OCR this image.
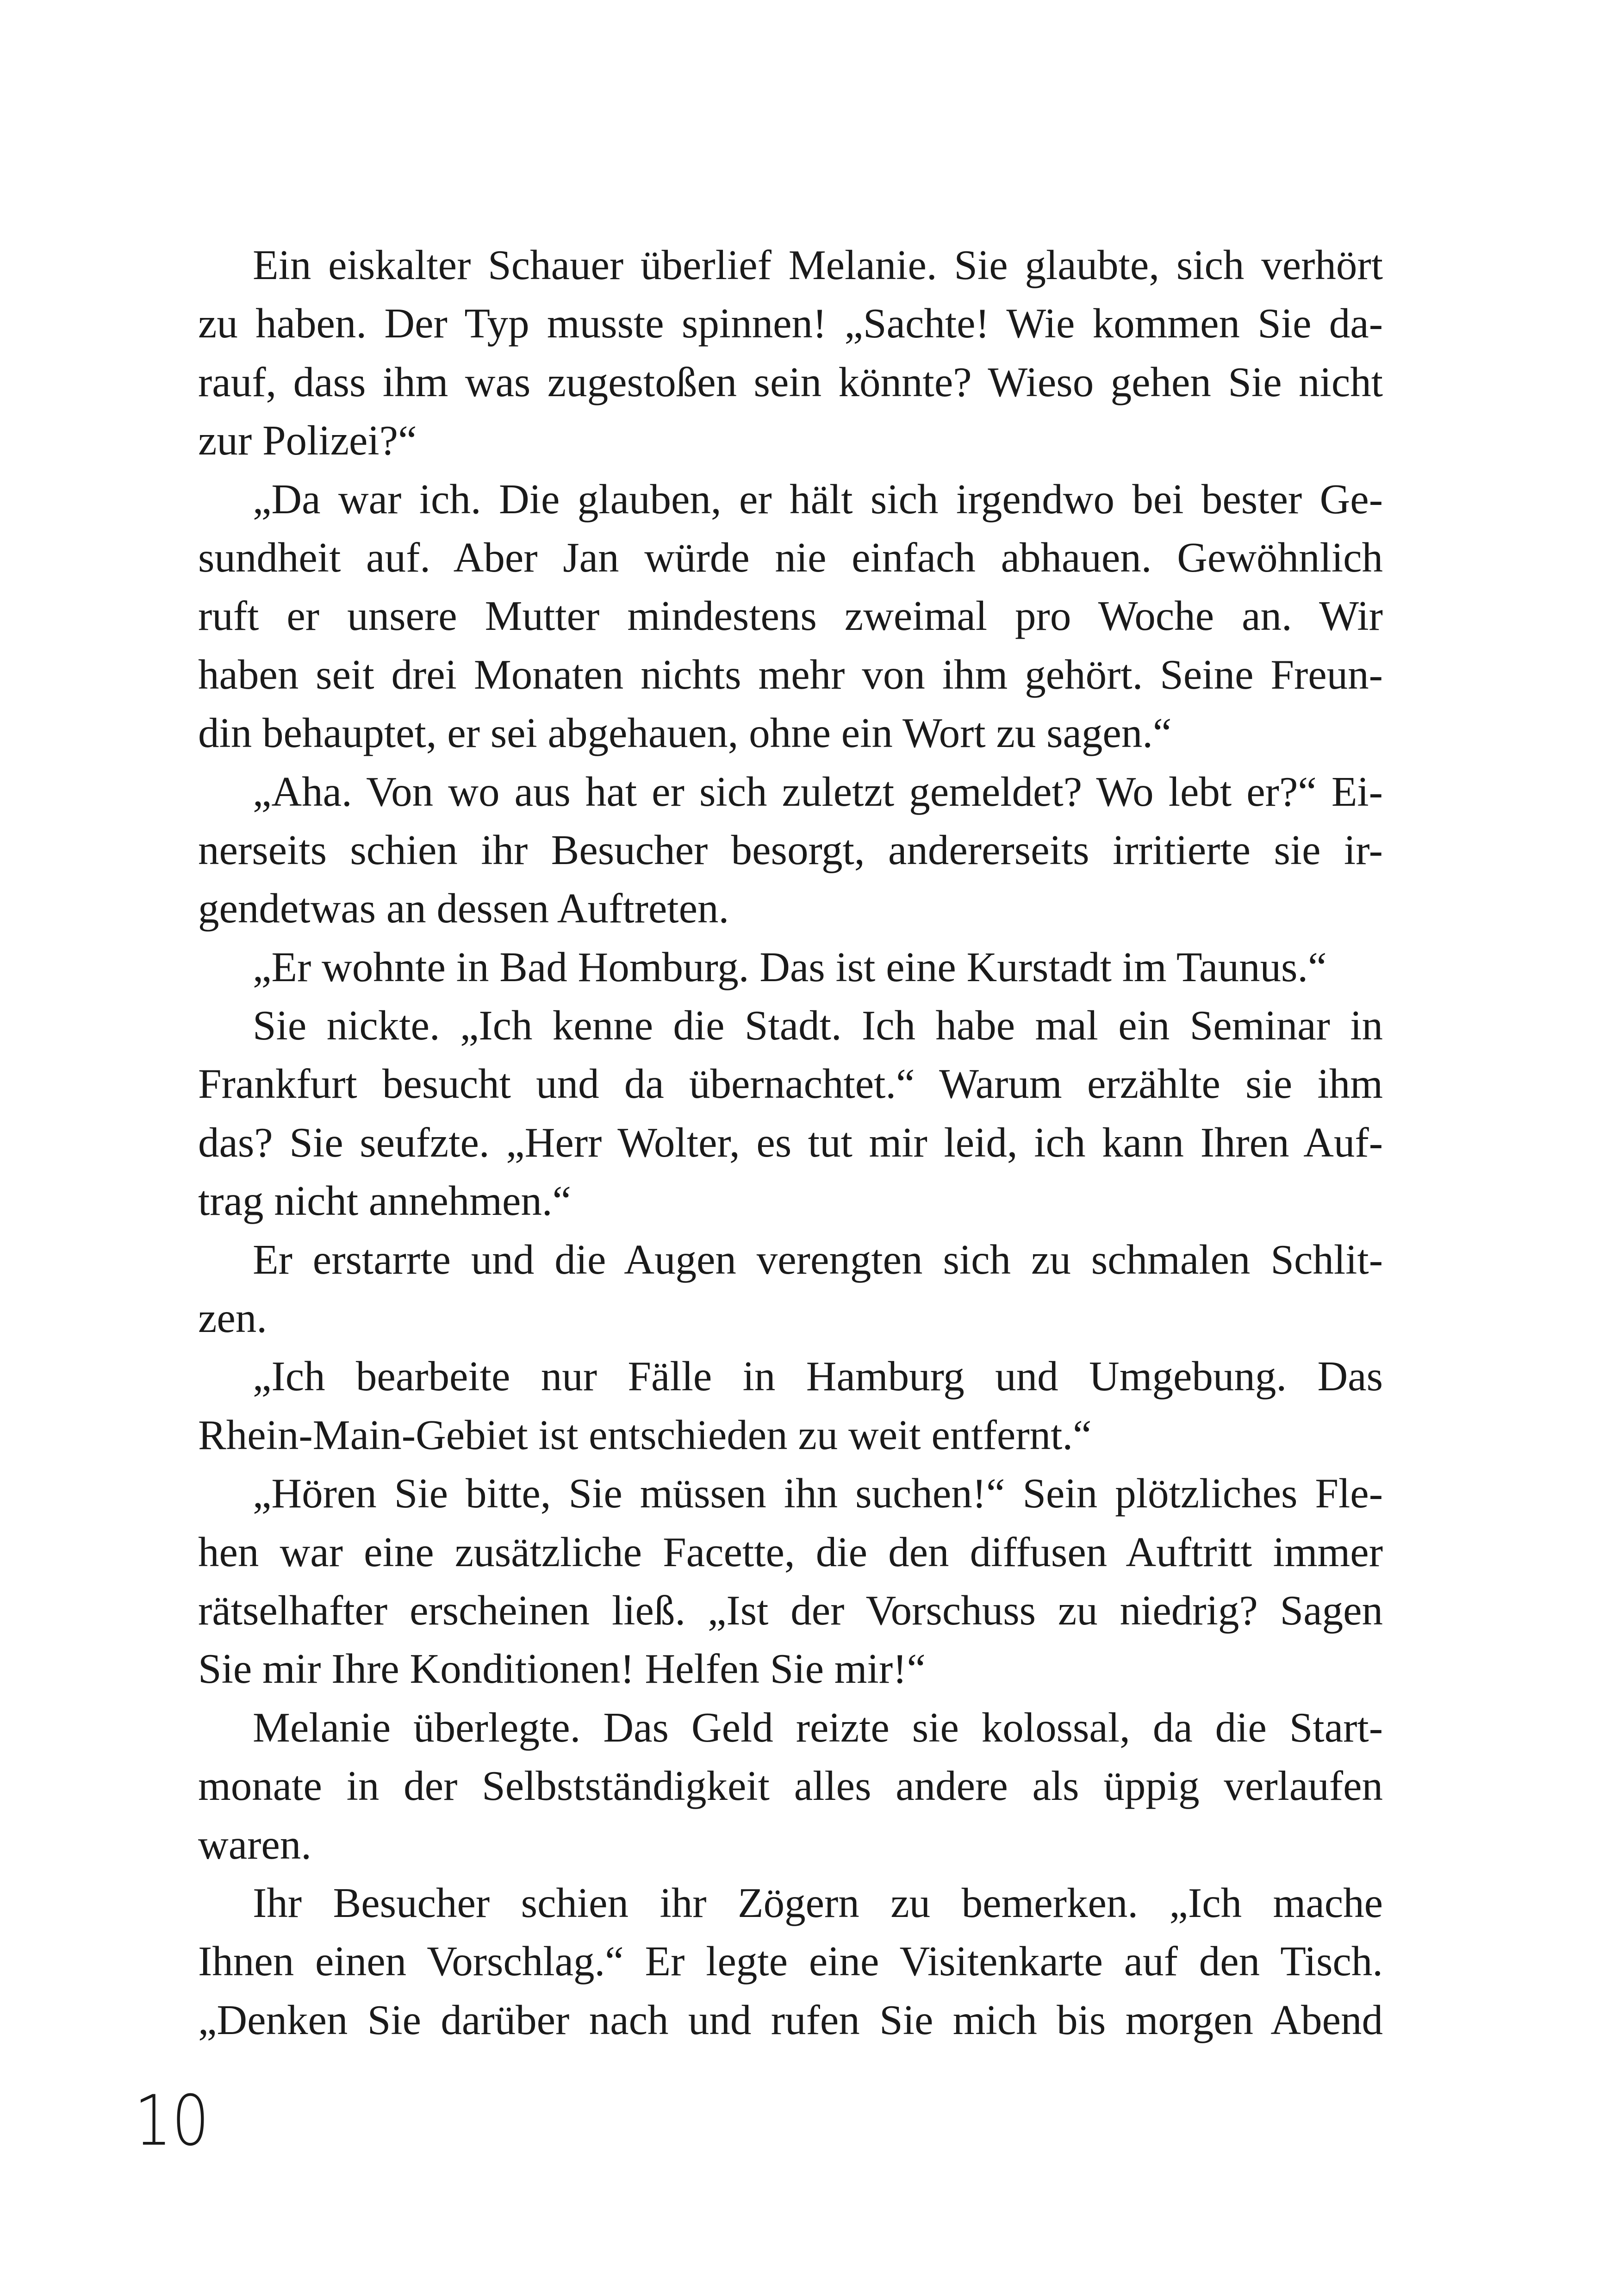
Ein eiskalter Schauer überlief Melanie. Sie glaubte, sich verhört
zu haben. Der Typ musste spinnen! „Sachte! Wie kommen Sie da-
rauf, dass ihm was zugestoßen sein könnte? Wieso gehen Sie nicht
zur Polizei?“
„Da war ich. Die glauben, er hält sich irgendwo bei bester Ge-
sundheit auf. Aber Jan würde nie einfach abhauen. Gewöhnlich
ruft er unsere Mutter mindestens zweimal pro Woche an. Wir
haben seit drei Monaten nichts mehr von ihm gehört. Seine Freun-
din behauptet, er sei abgehauen, ohne ein Wort zu sagen.“
„Aha. Von wo aus hat er sich zuletzt gemeldet? Wo lebt er?“ Ei-
nerseits schien ihr Besucher besorgt, andererseits irritierte sie ir-
gendetwas an dessen Auftreten.
„Er wohnte in Bad Homburg. Das ist eine Kurstadt im Taunus.“
Sie nickte. „Ich kenne die Stadt. Ich habe mal ein Seminar in
Frankfurt besucht und da übernachtet.“ Warum erzählte sie ihm
das? Sie seufzte. „Herr Wolter, es tut mir leid, ich kann Ihren Auf-
trag nicht annehmen.“
Er erstarrte und die Augen verengten sich zu schmalen Schlit-
zen.
„Ich bearbeite nur Fälle in Hamburg und Umgebung. Das
Rhein-Main-Gebiet ist entschieden zu weit entfernt.“
„Hören Sie bitte, Sie müssen ihn suchen!“ Sein plötzliches Fle-
hen war eine zusätzliche Facette, die den diffusen Auftritt immer
rätselhafter erscheinen ließ. „Ist der Vorschuss zu niedrig? Sagen
Sie mir Ihre Konditionen! Helfen Sie mir!“
Melanie überlegte. Das Geld reizte sie kolossal, da die Start-
monate in der Selbstständigkeit alles andere als üppig verlaufen
waren.
Ihr Besucher schien ihr Zögern zu bemerken. „Ich mache
Ihnen einen Vorschlag.“ Er legte eine Visitenkarte auf den Tisch.
„Denken Sie darüber nach und rufen Sie mich bis morgen Abend
10
